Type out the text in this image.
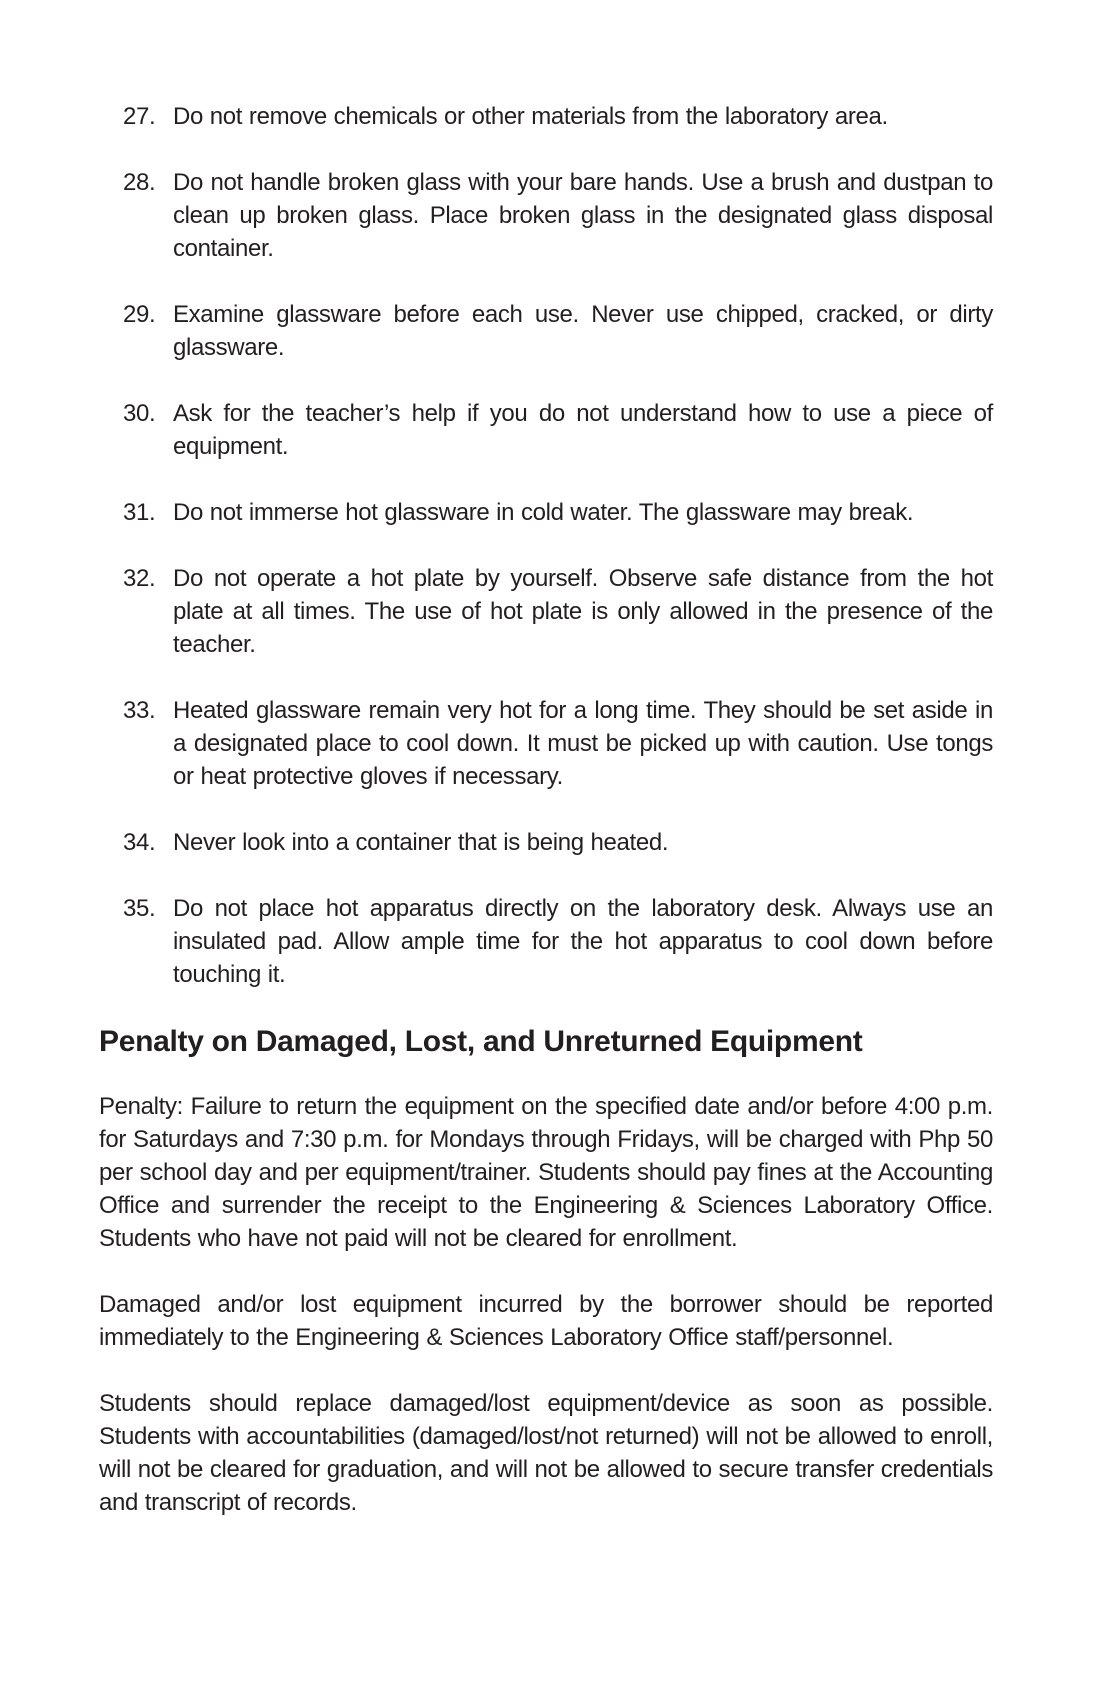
27. Do not remove chemicals or other materials from the laboratory area.
28. Do not handle broken glass with your bare hands. Use a brush and dustpan to clean up broken glass. Place broken glass in the designated glass disposal container.
29. Examine glassware before each use. Never use chipped, cracked, or dirty glassware.
30. Ask for the teacher’s help if you do not understand how to use a piece of equipment.
31. Do not immerse hot glassware in cold water. The glassware may break.
32. Do not operate a hot plate by yourself. Observe safe distance from the hot plate at all times. The use of hot plate is only allowed in the presence of the teacher.
33. Heated glassware remain very hot for a long time. They should be set aside in a designated place to cool down. It must be picked up with caution. Use tongs or heat protective gloves if necessary.
34. Never look into a container that is being heated.
35. Do not place hot apparatus directly on the laboratory desk. Always use an insulated pad. Allow ample time for the hot apparatus to cool down before touching it.
Penalty on Damaged, Lost, and Unreturned Equipment

Penalty: Failure to return the equipment on the specified date and/or before 4:00 p.m. for Saturdays and 7:30 p.m. for Mondays through Fridays, will be charged with Php 50 per school day and per equipment/trainer. Students should pay fines at the Accounting Office and surrender the receipt to the Engineering & Sciences Laboratory Office. Students who have not paid will not be cleared for enrollment.

Damaged and/or lost equipment incurred by the borrower should be reported immediately to the Engineering & Sciences Laboratory Office staff/personnel.

Students should replace damaged/lost equipment/device as soon as possible. Students with accountabilities (damaged/lost/not returned) will not be allowed to enroll, will not be cleared for graduation, and will not be allowed to secure transfer credentials and transcript of records.
